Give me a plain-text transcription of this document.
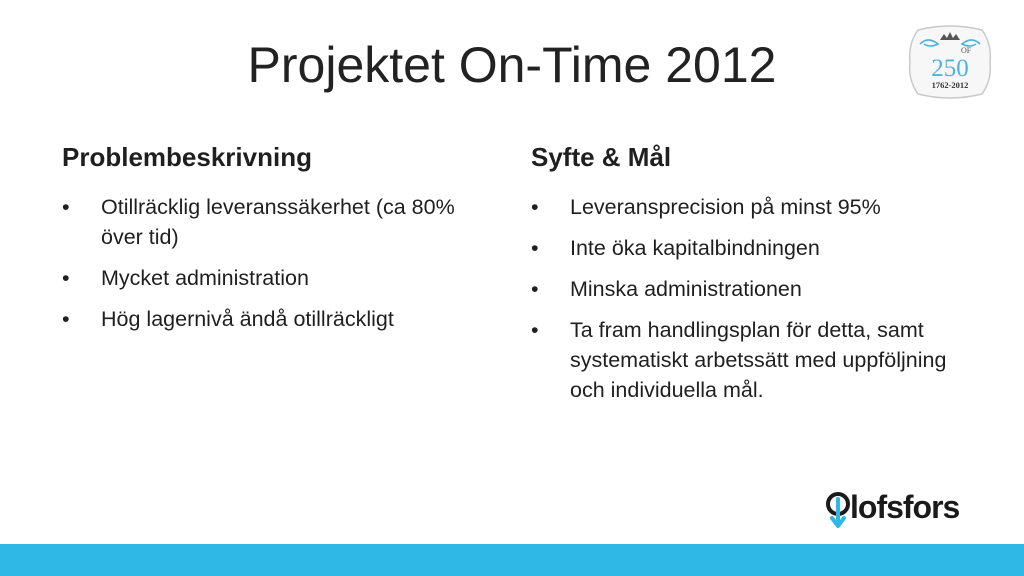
Projektet On-Time 2012	OF
250
1762-2012
Problembeskrivning
•	Otillräcklig leveranssäkerhet (ca 80% över tid)
•	Mycket administration
•	Hög lagernivå ändå otillräckligt
Syfte & Mål
•	Leveransprecision på minst 95%
•	Inte öka kapitalbindningen
•	Minska administrationen
•	Ta fram handlingsplan för detta, samt systematiskt arbetssätt med uppföljning och individuella mål.
lofsfors
